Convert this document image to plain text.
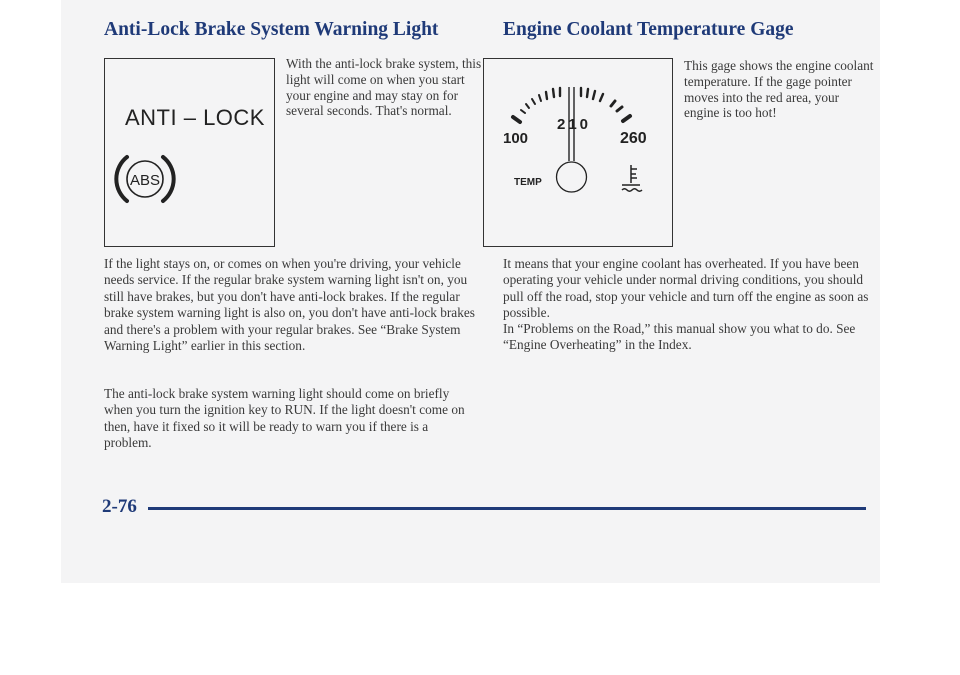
Anti-Lock Brake System Warning Light
ANTI – LOCK
ABS
With the anti-lock brake system, this light will come on when you start your engine and may stay on for several seconds. That's normal.

If the light stays on, or comes on when you're driving, your vehicle needs service. If the regular brake system warning light isn't on, you still have brakes, but you don't have anti-lock brakes. If the regular brake system warning light is also on, you don't have anti-lock brakes and there's a problem with your regular brakes. See “Brake System Warning Light” earlier in this section.

The anti-lock brake system warning light should come on briefly when you turn the ignition key to RUN. If the light doesn't come on then, have it fixed so it will be ready to warn you if there is a problem.

Engine Coolant Temperature Gage
100
210
260
TEMP
This gage shows the engine coolant temperature. If the gage pointer moves into the red area, your engine is too hot!

It means that your engine coolant has overheated. If you have been operating your vehicle under normal driving conditions, you should pull off the road, stop your vehicle and turn off the engine as soon as possible.

In “Problems on the Road,” this manual show you what to do. See “Engine Overheating” in the Index.

2-76
